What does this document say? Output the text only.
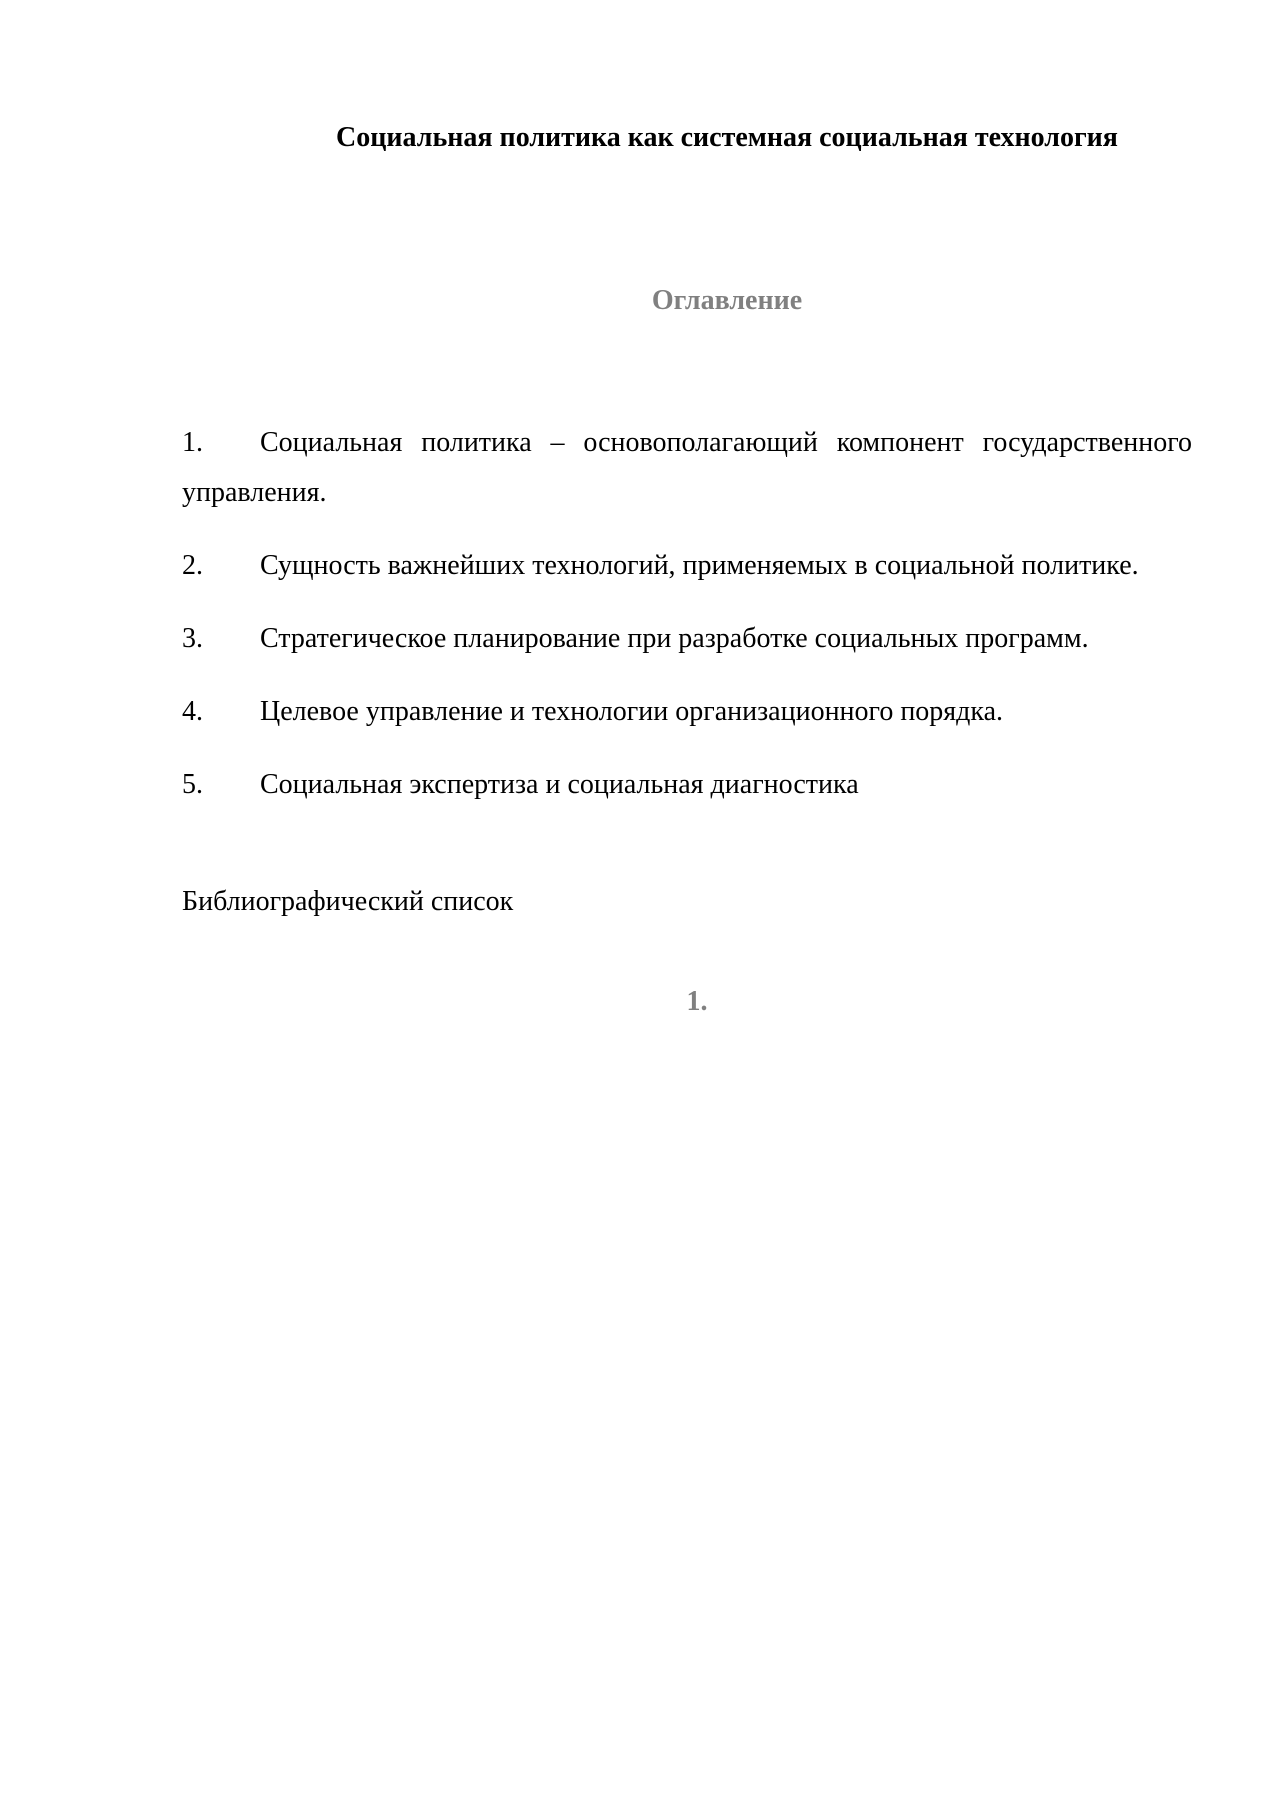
Социальная политика как системная социальная технология
Оглавление
1. Социальная политика – основополагающий компонент государственного управления.
2. Сущность важнейших технологий, применяемых в социальной политике.
3. Стратегическое планирование при разработке социальных программ.
4. Целевое управление и технологии организационного порядка.
5. Социальная экспертиза и социальная диагностика

Библиографический список

1.
